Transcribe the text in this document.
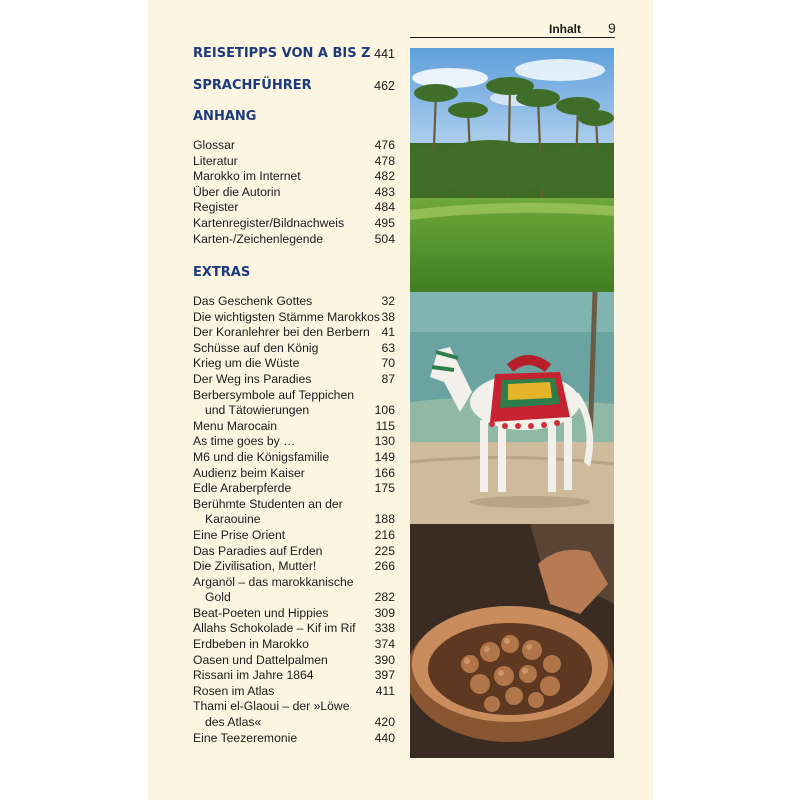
Inhalt 9
REISETIPPS VON A BIS Z 441
SPRACHFÜHRER	462
ANHANG
Glossar	476
Literatur	478
Marokko im Internet	482
Über die Autorin	483
Register	484
Kartenregister/Bildnachweis	495
Karten-/Zeichenlegende	504
EXTRAS
Das Geschenk Gottes	32
Die wichtigsten Stämme Marokkos 38
Der Koranlehrer bei den Berbern 41
Schüsse auf den König	63
Krieg um die Wüste	70
Der Weg ins Paradies	87
Berbersymbole auf Teppichen
und Tätowierungen	106
Menu Marocain	115
As time goes by …	130
M6 und die Königsfamilie	149
Audienz beim Kaiser	166
Edle Araberpferde	175
Berühmte Studenten an der
Karaouine	188
Eine Prise Orient	216
Das Paradies auf Erden	225
Die Zivilisation, Mutter!	266
Arganöl – das marokkanische
Gold	282
Beat-Poeten und Hippies	309
Allahs Schokolade – Kif im Rif 338
Erdbeben in Marokko	374
Oasen und Dattelpalmen	390
Rissani im Jahre 1864	397
Rosen im Atlas	411
Thami el-Glaoui – der »Löwe
des Atlas«	420
Eine Teezeremonie	440
